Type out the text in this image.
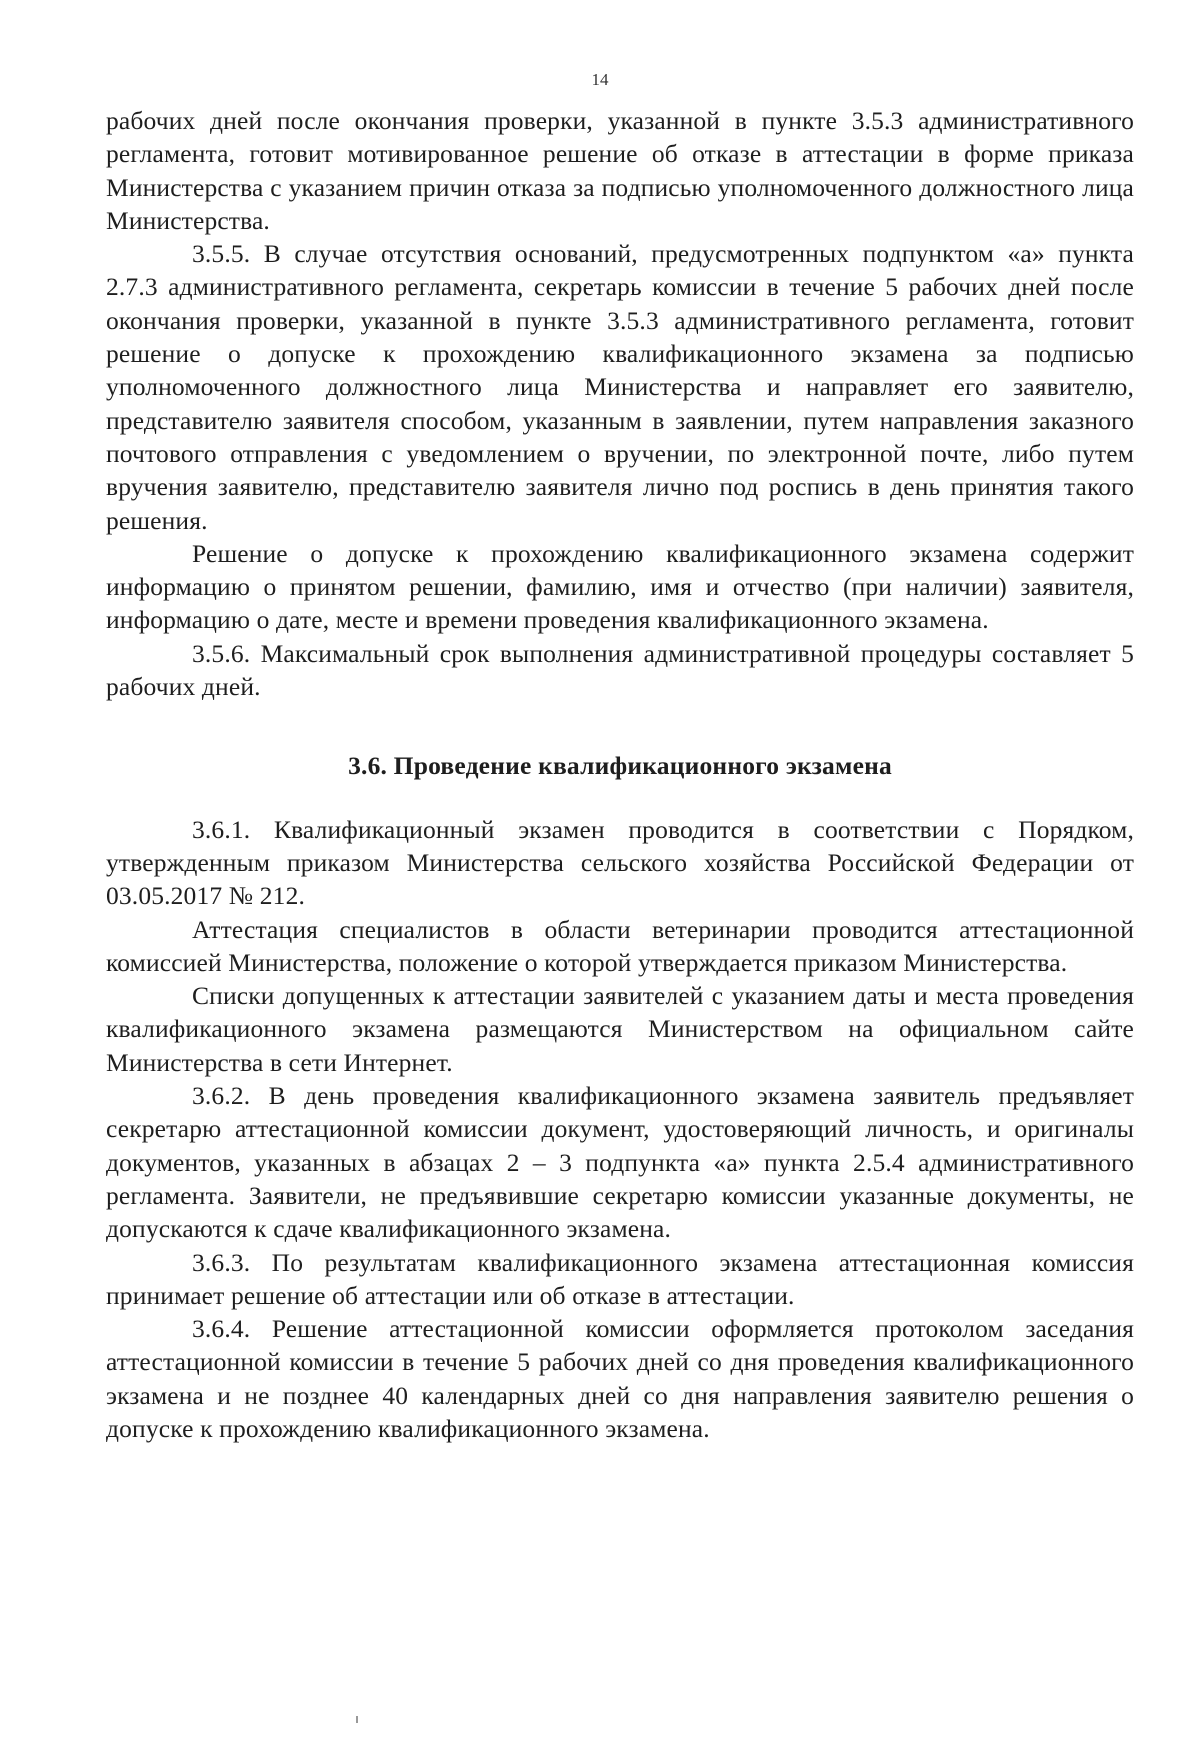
14

рабочих дней после окончания проверки, указанной в пункте 3.5.3 административного регламента, готовит мотивированное решение об отказе в аттестации в форме приказа Министерства с указанием причин отказа за подписью уполномоченного должностного лица Министерства.

3.5.5. В случае отсутствия оснований, предусмотренных подпунктом «а» пункта 2.7.3 административного регламента, секретарь комиссии в течение 5 рабочих дней после окончания проверки, указанной в пункте 3.5.3 административного регламента, готовит решение о допуске к прохождению квалификационного экзамена за подписью уполномоченного должностного лица Министерства и направляет его заявителю, представителю заявителя способом, указанным в заявлении, путем направления заказного почтового отправления с уведомлением о вручении, по электронной почте, либо путем вручения заявителю, представителю заявителя лично под роспись в день принятия такого решения.

Решение о допуске к прохождению квалификационного экзамена содержит информацию о принятом решении, фамилию, имя и отчество (при наличии) заявителя, информацию о дате, месте и времени проведения квалификационного экзамена.

3.5.6. Максимальный срок выполнения административной процедуры составляет 5 рабочих дней.

3.6. Проведение квалификационного экзамена

3.6.1. Квалификационный экзамен проводится в соответствии с Порядком, утвержденным приказом Министерства сельского хозяйства Российской Федерации от 03.05.2017 № 212.

Аттестация специалистов в области ветеринарии проводится аттестационной комиссией Министерства, положение о которой утверждается приказом Министерства.

Списки допущенных к аттестации заявителей с указанием даты и места проведения квалификационного экзамена размещаются Министерством на официальном сайте Министерства в сети Интернет.

3.6.2. В день проведения квалификационного экзамена заявитель предъявляет секретарю аттестационной комиссии документ, удостоверяющий личность, и оригиналы документов, указанных в абзацах 2 – 3 подпункта «а» пункта 2.5.4 административного регламента. Заявители, не предъявившие секретарю комиссии указанные документы, не допускаются к сдаче квалификационного экзамена.

3.6.3. По результатам квалификационного экзамена аттестационная комиссия принимает решение об аттестации или об отказе в аттестации.

3.6.4. Решение аттестационной комиссии оформляется протоколом заседания аттестационной комиссии в течение 5 рабочих дней со дня проведения квалификационного экзамена и не позднее 40 календарных дней со дня направления заявителю решения о допуске к прохождению квалификационного экзамена.
